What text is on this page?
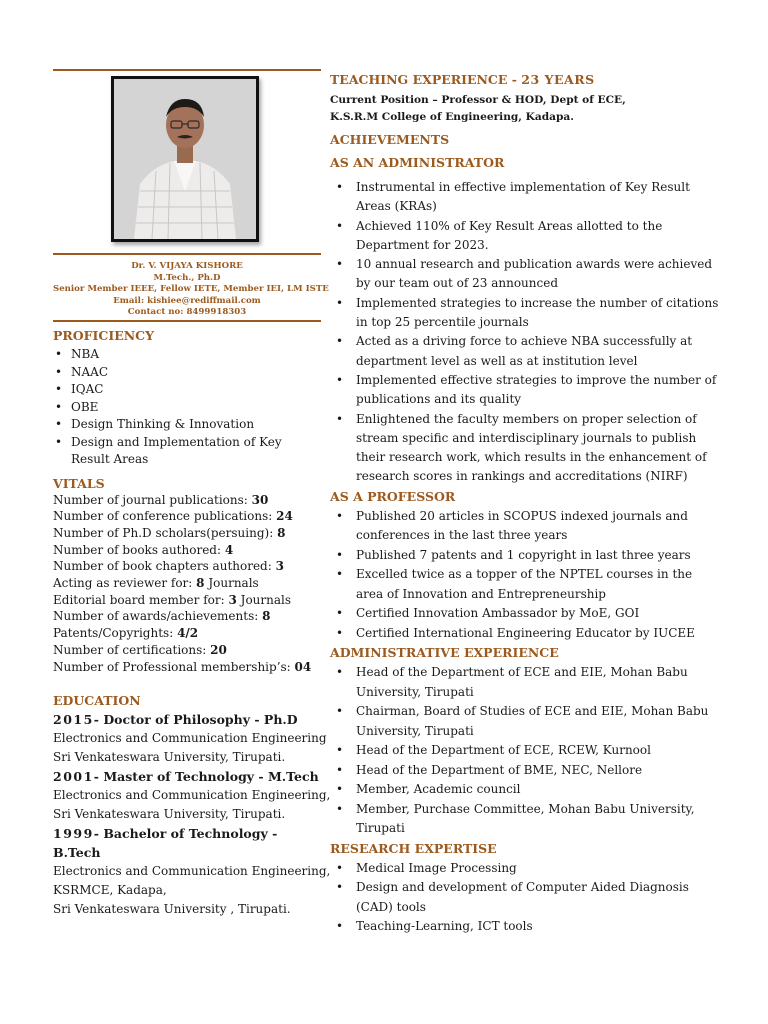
Dr. V. VIJAYA KISHORE
M.Tech., Ph.D
Senior Member IEEE, Fellow IETE, Member IEI, LM ISTE
Email: kishiee@rediffmail.com
Contact no: 8499918303
PROFICIENCY
• NBA
• NAAC
• IQAC
• OBE
• Design Thinking & Innovation
• Design and Implementation of Key Result Areas
VITALS
Number of journal publications: 30
Number of conference publications: 24
Number of Ph.D scholars(persuing): 8
Number of books authored: 4
Number of book chapters authored: 3
Acting as reviewer for: 8 Journals
Editorial board member for: 3 Journals
Number of awards/achievements: 8
Patents/Copyrights: 4/2
Number of certifications: 20
Number of Professional membership’s: 04
EDUCATION
2015- Doctor of Philosophy - Ph.D
Electronics and Communication Engineering
Sri Venkateswara University, Tirupati.
2001- Master of Technology - M.Tech
Electronics and Communication Engineering,
Sri Venkateswara University, Tirupati.
1999- Bachelor of Technology - B.Tech
Electronics and Communication Engineering,
KSRMCE, Kadapa,
Sri Venkateswara University , Tirupati.
TEACHING EXPERIENCE - 23 YEARS
Current Position – Professor & HOD, Dept of ECE,
K.S.R.M College of Engineering, Kadapa.
ACHIEVEMENTS
AS AN ADMINISTRATOR
• Instrumental in effective implementation of Key Result Areas (KRAs)
• Achieved 110% of Key Result Areas allotted to the Department for 2023.
• 10 annual research and publication awards were achieved by our team out of 23 announced
• Implemented strategies to increase the number of citations in top 25 percentile journals
• Acted as a driving force to achieve NBA successfully at department level as well as at institution level
• Implemented effective strategies to improve the number of publications and its quality
• Enlightened the faculty members on proper selection of stream specific and interdisciplinary journals to publish their research work, which results in the enhancement of research scores in rankings and accreditations (NIRF)
AS A PROFESSOR
• Published 20 articles in SCOPUS indexed journals and conferences in the last three years
• Published 7 patents and 1 copyright in last three years
• Excelled twice as a topper of the NPTEL courses in the area of Innovation and Entrepreneurship
• Certified Innovation Ambassador by MoE, GOI
• Certified International Engineering Educator by IUCEE
ADMINISTRATIVE EXPERIENCE
• Head of the Department of ECE and EIE, Mohan Babu University, Tirupati
• Chairman, Board of Studies of ECE and EIE, Mohan Babu University, Tirupati
• Head of the Department of ECE, RCEW, Kurnool
• Head of the Department of BME, NEC, Nellore
• Member, Academic council
• Member, Purchase Committee, Mohan Babu University, Tirupati
RESEARCH EXPERTISE
• Medical Image Processing
• Design and development of Computer Aided Diagnosis (CAD) tools
• Teaching-Learning, ICT tools
